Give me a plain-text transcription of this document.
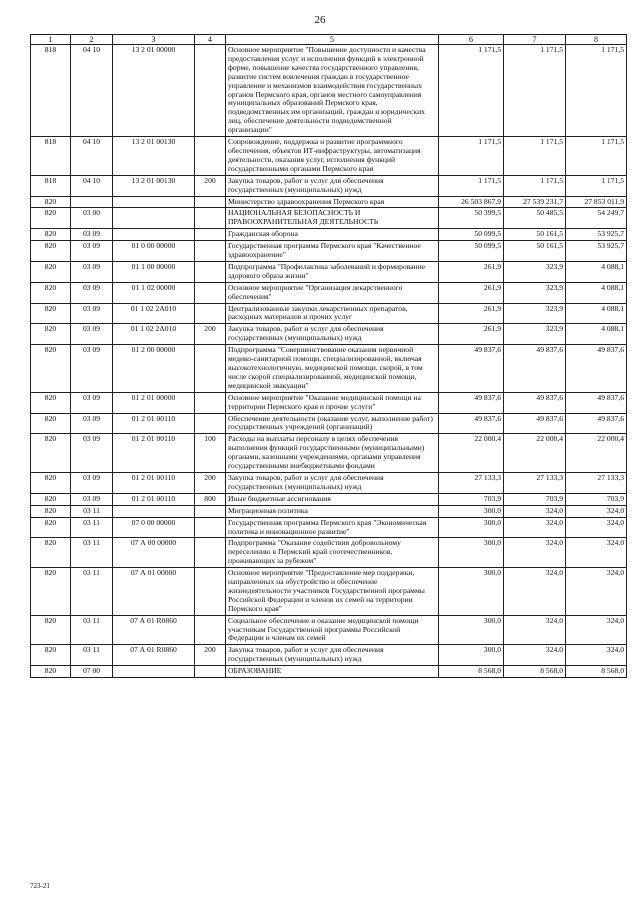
26
1	2	3	4	5	6	7	8
818	04 10	13 2 01 00000		Основное мероприятие "Повышение доступности и качества предоставления услуг и исполнения функций в электронной форме, повышение качества государственного управления, развитие систем вовлечения граждан в государственное управление и механизмов взаимодействия государственных органов Пермского края, органов местного самоуправления муниципальных образований Пермского края, подведомственных им организаций, граждан и юридических лиц, обеспечение деятельности подведомственной организации"	1 171,5	1 171,5	1 171,5
818	04 10	13 2 01 00130		Сопровождение, поддержка и развитие программного обеспечения, объектов ИТ-инфраструктуры, автоматизация деятельности, оказания услуг, исполнения функций государственными органами Пермского края	1 171,5	1 171,5	1 171,5
818	04 10	13 2 01 00130	200	Закупка товаров, работ и услуг для обеспечения государственных (муниципальных) нужд	1 171,5	1 171,5	1 171,5
820				Министерство здравоохранения Пермского края	26 503 867,9	27 539 231,7	27 853 011,9
820	03 00			НАЦИОНАЛЬНАЯ БЕЗОПАСНОСТЬ И ПРАВООХРАНИТЕЛЬНАЯ ДЕЯТЕЛЬНОСТЬ	50 399,5	50 485,5	54 249,7
820	03 09			Гражданская оборона	50 099,5	50 161,5	53 925,7
820	03 09	01 0 00 00000		Государственная программа Пермского края "Качественное здравоохранение"	50 099,5	50 161,5	53 925,7
820	03 09	01 1 00 00000		Подпрограмма "Профилактика заболеваний и формирование здорового образа жизни"	261,9	323,9	4 088,1
820	03 09	01 1 02 00000		Основное мероприятие "Организация лекарственного обеспечения"	261,9	323,9	4 088,1
820	03 09	01 1 02 2A010		Централизованные закупки лекарственных препаратов, расходных материалов и прочих услуг	261,9	323,9	4 088,1
820	03 09	01 1 02 2A010	200	Закупка товаров, работ и услуг для обеспечения государственных (муниципальных) нужд	261,9	323,9	4 088,1
820	03 09	01 2 00 00000		Подпрограмма "Совершенствование оказания первичной медико-санитарной помощи, специализированной, включая высокотехнологичную, медицинской помощи, скорой, в том числе скорой специализированной, медицинской помощи, медицинской эвакуации"	49 837,6	49 837,6	49 837,6
820	03 09	01 2 01 00000		Основное мероприятие "Оказание медицинской помощи на территории Пермского края и прочие услуги"	49 837,6	49 837,6	49 837,6
820	03 09	01 2 01 00110		Обеспечение деятельности (оказание услуг, выполнение работ) государственных учреждений (организаций)	49 837,6	49 837,6	49 837,6
820	03 09	01 2 01 00110	100	Расходы на выплаты персоналу в целях обеспечения выполнения функций государственными (муниципальными) органами, казенными учреждениями, органами управления государственными внебюджетными фондами	22 000,4	22 000,4	22 000,4
820	03 09	01 2 01 00110	200	Закупка товаров, работ и услуг для обеспечения государственных (муниципальных) нужд	27 133,3	27 133,3	27 133,3
820	03 09	01 2 01 00110	800	Иные бюджетные ассигнования	703,9	703,9	703,9
820	03 11			Миграционная политика	300,0	324,0	324,0
820	03 11	07 0 00 00000		Государственная программа Пермского края "Экономическая политика и инновационное развитие"	300,0	324,0	324,0
820	03 11	07 А 00 00000		Подпрограмма "Оказание содействия добровольному переселению в Пермский край соотечественников, проживающих за рубежом"	300,0	324,0	324,0
820	03 11	07 А 01 00000		Основное мероприятие "Предоставление мер поддержки, направленных на обустройство и обеспечение жизнедеятельности участников Государственной программы Российской Федерации и членов их семей на территории Пермского края"	300,0	324,0	324,0
820	03 11	07 А 01 R0860		Социальное обеспечение и оказание медицинской помощи участникам Государственной программы Российской Федерации и членам их семей	300,0	324,0	324,0
820	03 11	07 А 01 R0860	200	Закупка товаров, работ и услуг для обеспечения государственных (муниципальных) нужд	300,0	324,0	324,0
820	07 00			ОБРАЗОВАНИЕ	8 568,0	8 568,0	8 568,0
723-21
